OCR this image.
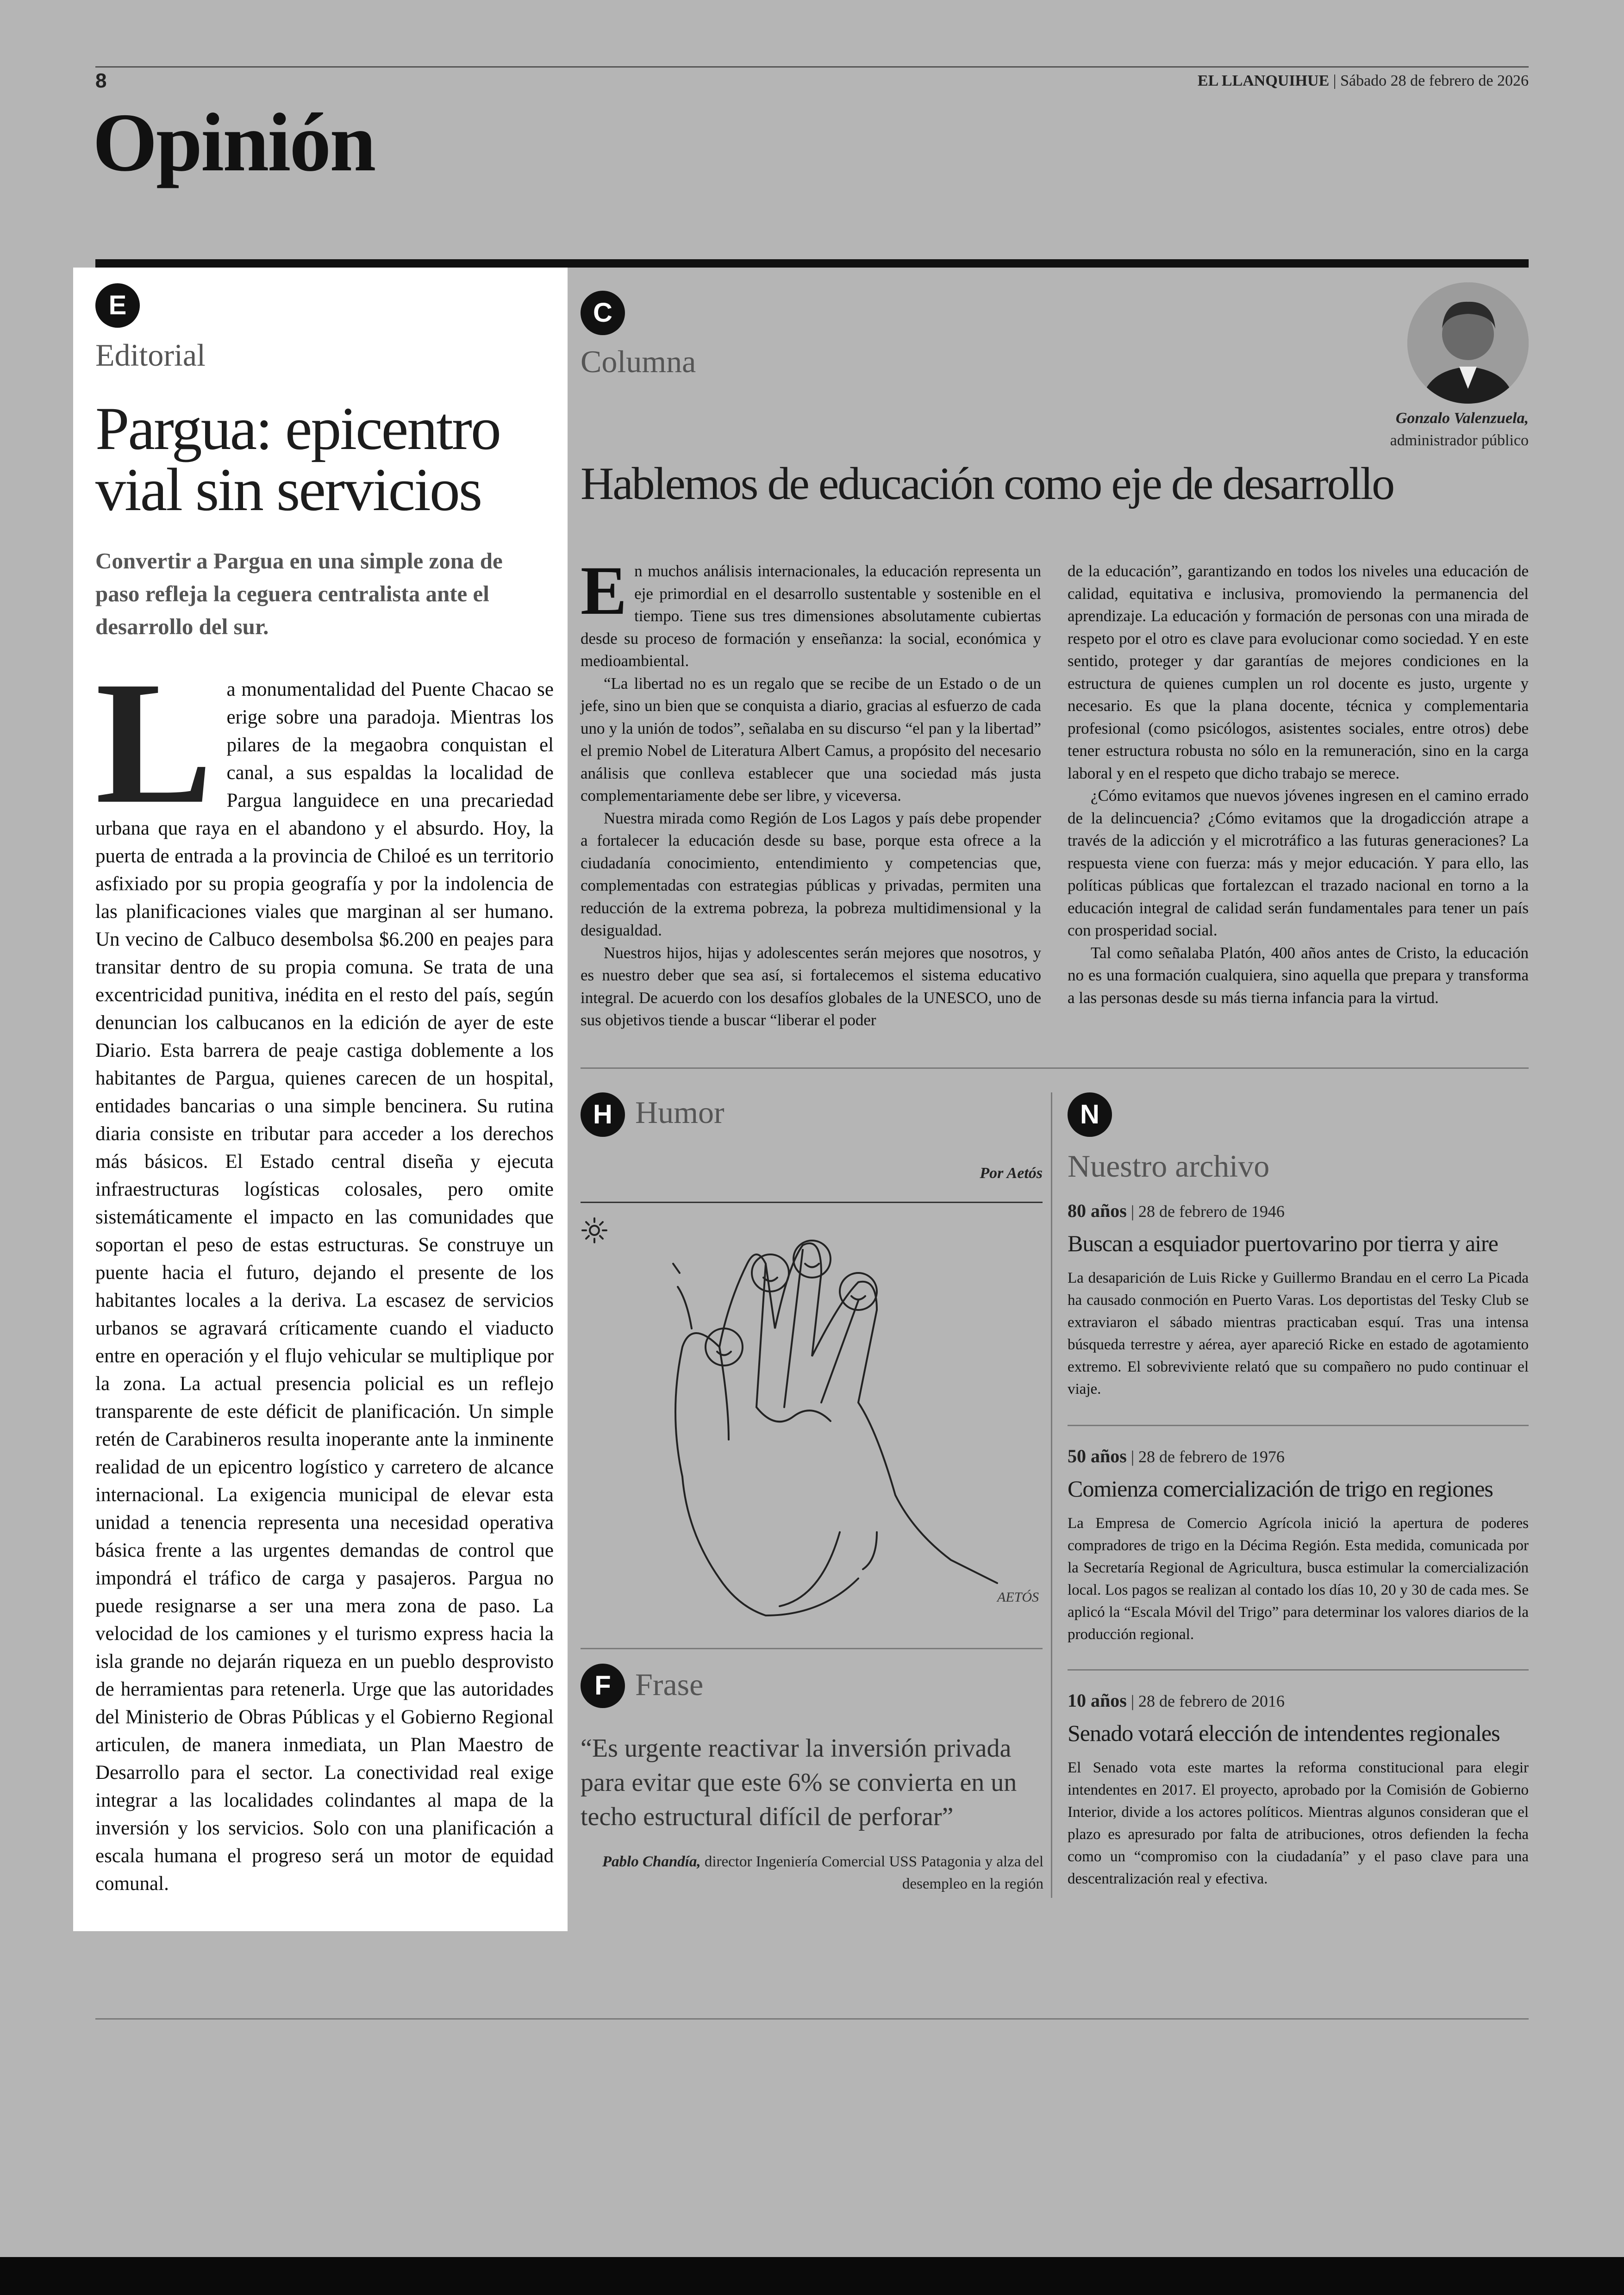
8	EL LLANQUIHUE | Sábado 28 de febrero de 2026
Opinión
E
Editorial
Pargua: epicentro vial sin servicios
Convertir a Pargua en una simple zona de paso refleja la ceguera centralista ante el desarrollo del sur.
La monumentalidad del Puente Chacao se erige sobre una paradoja. Mientras los pilares de la megaobra conquistan el canal, a sus espaldas la localidad de Pargua languidece en una precariedad urbana que raya en el abandono y el absurdo. Hoy, la puerta de entrada a la provincia de Chiloé es un territorio asfixiado por su propia geografía y por la indolencia de las planificaciones viales que marginan al ser humano. Un vecino de Calbuco desembolsa $6.200 en peajes para transitar dentro de su propia comuna. Se trata de una excentricidad punitiva, inédita en el resto del país, según denuncian los calbucanos en la edición de ayer de este Diario. Esta barrera de peaje castiga doblemente a los habitantes de Pargua, quienes carecen de un hospital, entidades bancarias o una simple bencinera. Su rutina diaria consiste en tributar para acceder a los derechos más básicos. El Estado central diseña y ejecuta infraestructuras logísticas colosales, pero omite sistemáticamente el impacto en las comunidades que soportan el peso de estas estructuras. Se construye un puente hacia el futuro, dejando el presente de los habitantes locales a la deriva. La escasez de servicios urbanos se agravará críticamente cuando el viaducto entre en operación y el flujo vehicular se multiplique por la zona. La actual presencia policial es un reflejo transparente de este déficit de planificación. Un simple retén de Carabineros resulta inoperante ante la inminente realidad de un epicentro logístico y carretero de alcance internacional. La exigencia municipal de elevar esta unidad a tenencia representa una necesidad operativa básica frente a las urgentes demandas de control que impondrá el tráfico de carga y pasajeros. Pargua no puede resignarse a ser una mera zona de paso. La velocidad de los camiones y el turismo express hacia la isla grande no dejarán riqueza en un pueblo desprovisto de herramientas para retenerla. Urge que las autoridades del Ministerio de Obras Públicas y el Gobierno Regional articulen, de manera inmediata, un Plan Maestro de Desarrollo para el sector. La conectividad real exige integrar a las localidades colindantes al mapa de la inversión y los servicios. Solo con una planificación a escala humana el progreso será un motor de equidad comunal.
C
Columna
Gonzalo Valenzuela,
administrador público
Hablemos de educación como eje de desarrollo

En muchos análisis internacionales, la educación representa un eje primordial en el desarrollo sustentable y sostenible en el tiempo. Tiene sus tres dimensiones absolutamente cubiertas desde su proceso de formación y enseñanza: la social, económica y medioambiental.

“La libertad no es un regalo que se recibe de un Estado o de un jefe, sino un bien que se conquista a diario, gracias al esfuerzo de cada uno y la unión de todos”, señalaba en su discurso “el pan y la libertad” el premio Nobel de Literatura Albert Camus, a propósito del necesario análisis que conlleva establecer que una sociedad más justa complementariamente debe ser libre, y viceversa.

Nuestra mirada como Región de Los Lagos y país debe propender a fortalecer la educación desde su base, porque esta ofrece a la ciudadanía conocimiento, entendimiento y competencias que, complementadas con estrategias públicas y privadas, permiten una reducción de la extrema pobreza, la pobreza multidimensional y la desigualdad.

Nuestros hijos, hijas y adolescentes serán mejores que nosotros, y es nuestro deber que sea así, si fortalecemos el sistema educativo integral. De acuerdo con los desafíos globales de la UNESCO, uno de sus objetivos tiende a buscar “liberar el poder

de la educación”, garantizando en todos los niveles una educación de calidad, equitativa e inclusiva, promoviendo la permanencia del aprendizaje. La educación y formación de personas con una mirada de respeto por el otro es clave para evolucionar como sociedad. Y en este sentido, proteger y dar garantías de mejores condiciones en la estructura de quienes cumplen un rol docente es justo, urgente y necesario. Es que la plana docente, técnica y complementaria profesional (como psicólogos, asistentes sociales, entre otros) debe tener estructura robusta no sólo en la remuneración, sino en la carga laboral y en el respeto que dicho trabajo se merece.

¿Cómo evitamos que nuevos jóvenes ingresen en el camino errado de la delincuencia? ¿Cómo evitamos que la drogadicción atrape a través de la adicción y el microtráfico a las futuras generaciones? La respuesta viene con fuerza: más y mejor educación. Y para ello, las políticas públicas que fortalezcan el trazado nacional en torno a la educación integral de calidad serán fundamentales para tener un país con prosperidad social.

Tal como señalaba Platón, 400 años antes de Cristo, la educación no es una formación cualquiera, sino aquella que prepara y transforma a las personas desde su más tierna infancia para la virtud.

H Humor
Por Aetós
AETÓS
F Frase
“Es urgente reactivar la inversión privada para evitar que este 6% se convierta en un techo estructural difícil de perforar”
Pablo Chandía, director Ingeniería Comercial USS Patagonia y alza del desempleo en la región
N
Nuestro archivo
80 años | 28 de febrero de 1946
Buscan a esquiador puertovarino por tierra y aire
La desaparición de Luis Ricke y Guillermo Brandau en el cerro La Picada ha causado conmoción en Puerto Varas. Los deportistas del Tesky Club se extraviaron el sábado mientras practicaban esquí. Tras una intensa búsqueda terrestre y aérea, ayer apareció Ricke en estado de agotamiento extremo. El sobreviviente relató que su compañero no pudo continuar el viaje.
50 años | 28 de febrero de 1976
Comienza comercialización de trigo en regiones
La Empresa de Comercio Agrícola inició la apertura de poderes compradores de trigo en la Décima Región. Esta medida, comunicada por la Secretaría Regional de Agricultura, busca estimular la comercialización local. Los pagos se realizan al contado los días 10, 20 y 30 de cada mes. Se aplicó la “Escala Móvil del Trigo” para determinar los valores diarios de la producción regional.
10 años | 28 de febrero de 2016
Senado votará elección de intendentes regionales
El Senado vota este martes la reforma constitucional para elegir intendentes en 2017. El proyecto, aprobado por la Comisión de Gobierno Interior, divide a los actores políticos. Mientras algunos consideran que el plazo es apresurado por falta de atribuciones, otros defienden la fecha como un “compromiso con la ciudadanía” y el paso clave para una descentralización real y efectiva.
